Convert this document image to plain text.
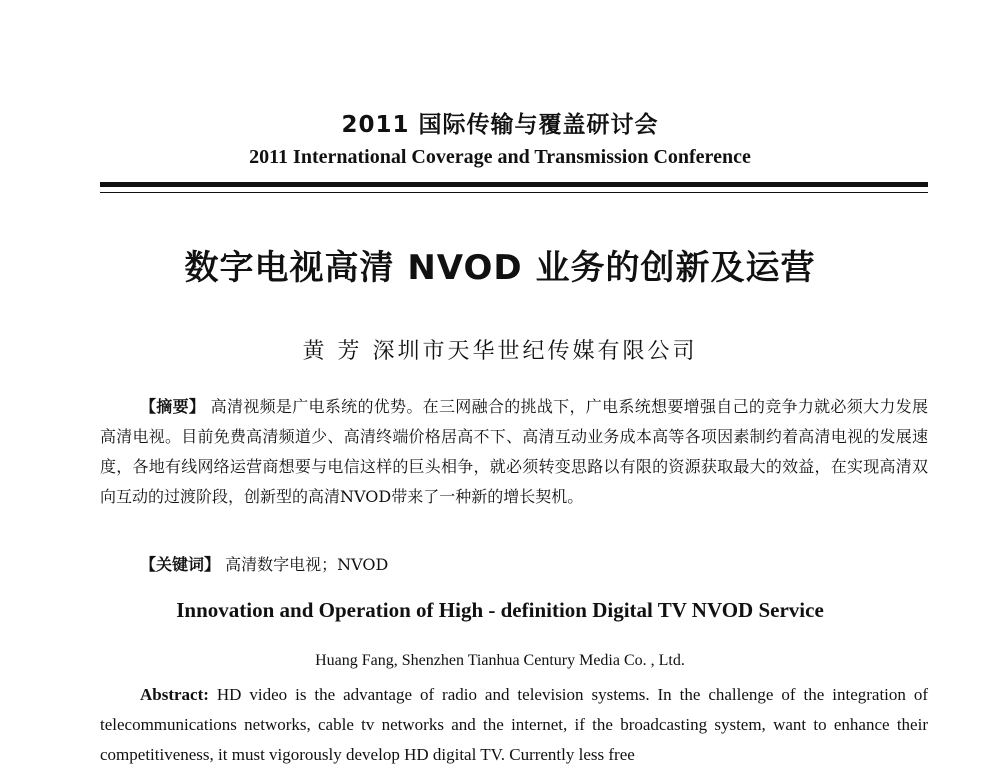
2011 国际传输与覆盖研讨会
2011 International Coverage and Transmission Conference
数字电视高清 NVOD 业务的创新及运营
黄 芳 深圳市天华世纪传媒有限公司

【摘要】 高清视频是广电系统的优势。在三网融合的挑战下，广电系统想要增强自己的竞争力就必须大力发展高清电视。目前免费高清频道少、高清终端价格居高不下、高清互动业务成本高等各项因素制约着高清电视的发展速度，各地有线网络运营商想要与电信这样的巨头相争，就必须转变思路以有限的资源获取最大的效益，在实现高清双向互动的过渡阶段，创新型的高清NVOD带来了一种新的增长契机。

【关键词】 高清数字电视；NVOD

Innovation and Operation of High - definition Digital TV NVOD Service
Huang Fang, Shenzhen Tianhua Century Media Co. , Ltd.

Abstract: HD video is the advantage of radio and television systems. In the challenge of the integration of telecommunications networks, cable tv networks and the internet, if the broadcasting system, want to enhance their competitiveness, it must vigorously develop HD digital TV. Currently less free
